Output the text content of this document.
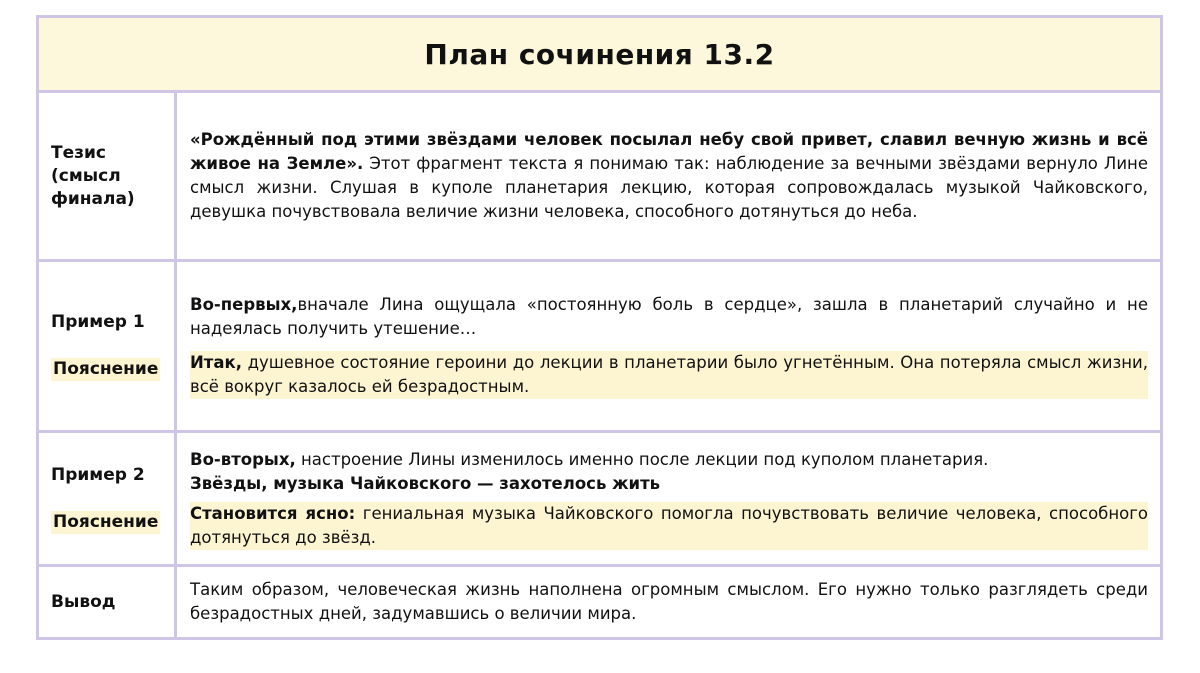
План сочинения 13.2
Тезис
(смысл
финала)

«Рождённый под этими звёздами человек посылал небу свой привет, славил вечную жизнь и всё живое на Земле». Этот фрагмент текста я понимаю так: наблюдение за вечными звёздами вернуло Лине смысл жизни. Слушая в куполе планетария лекцию, которая сопровождалась музыкой Чайковского, девушка почувствовала величие жизни человека, способного дотянуться до неба.

Пример 1
Пояснение

Во-первых,вначале Лина ощущала «постоянную боль в сердце», зашла в планетарий случайно и не надеялась получить утешение…

Итак, душевное состояние героини до лекции в планетарии было угнетённым. Она потеряла смысл жизни, всё вокруг казалось ей безрадостным.

Пример 2
Пояснение

Во-вторых, настроение Лины изменилось именно после лекции под куполом планетария.

Звёзды, музыка Чайковского — захотелось жить

Становится ясно: гениальная музыка Чайковского помогла почувствовать величие человека, способного дотянуться до звёзд.

Вывод

Таким образом, человеческая жизнь наполнена огромным смыслом. Его нужно только разглядеть среди безрадостных дней, задумавшись о величии мира.
